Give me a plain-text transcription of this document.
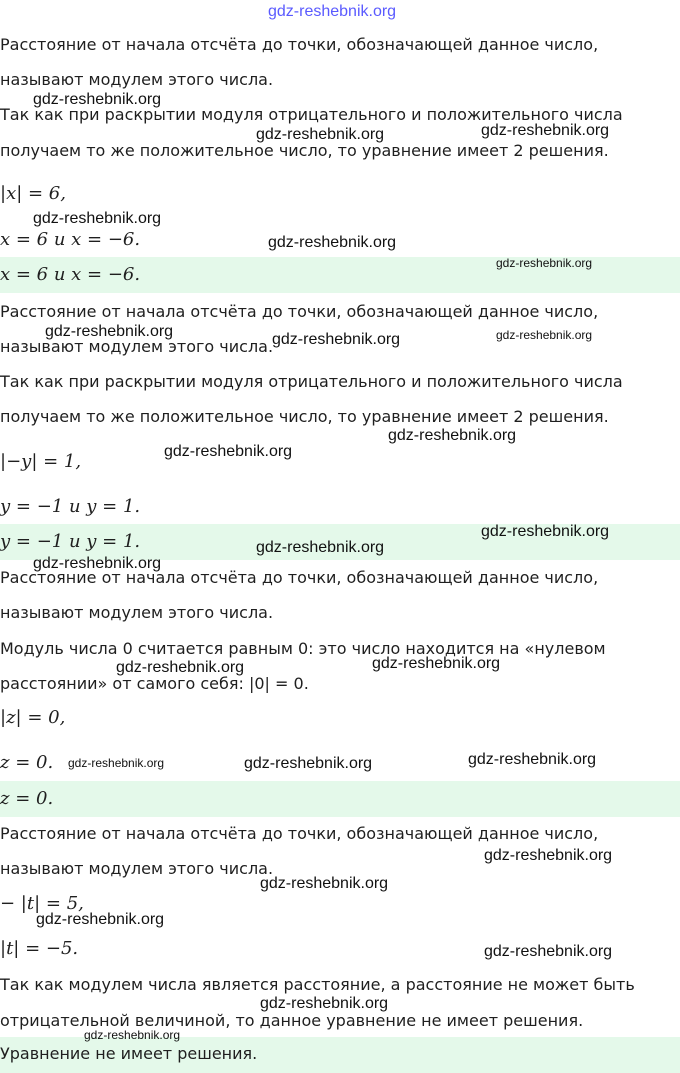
gdz-reshebnik.org
Расстояние от начала отсчёта до точки, обозначающей данное число,
называют модулем этого числа.
Так как при раскрытии модуля отрицательного и положительного числа
получаем то же положительное число, то уравнение имеет 2 решения.
|x| = 6,
x = 6 и x = −6.
x = 6 и x = −6.
Расстояние от начала отсчёта до точки, обозначающей данное число,
называют модулем этого числа.
Так как при раскрытии модуля отрицательного и положительного числа
получаем то же положительное число, то уравнение имеет 2 решения.
|−y| = 1,
y = −1 и y = 1.
y = −1 и y = 1.
Расстояние от начала отсчёта до точки, обозначающей данное число,
называют модулем этого числа.
Модуль числа 0 считается равным 0: это число находится на «нулевом
расстоянии» от самого себя: |0| = 0.
|z| = 0,
z = 0.
z = 0.
Расстояние от начала отсчёта до точки, обозначающей данное число,
называют модулем этого числа.
− |t| = 5,
|t| = −5.
Так как модулем числа является расстояние, а расстояние не может быть
отрицательной величиной, то данное уравнение не имеет решения.
Уравнение не имеет решения.
gdz-reshebnik.org
gdz-reshebnik.org
gdz-reshebnik.org
gdz-reshebnik.org
gdz-reshebnik.org
gdz-reshebnik.org
gdz-reshebnik.org	gdz-reshebnik.org
gdz-reshebnik.org
gdz-reshebnik.org
gdz-reshebnik.org
gdz-reshebnik.org
gdz-reshebnik.org
gdz-reshebnik.org
gdz-reshebnik.org	gdz-reshebnik.org
gdz-reshebnik.org
gdz-reshebnik.org	gdz-reshebnik.org
gdz-reshebnik.org
gdz-reshebnik.org
gdz-reshebnik.org
gdz-reshebnik.org
gdz-reshebnik.org
gdz-reshebnik.org
